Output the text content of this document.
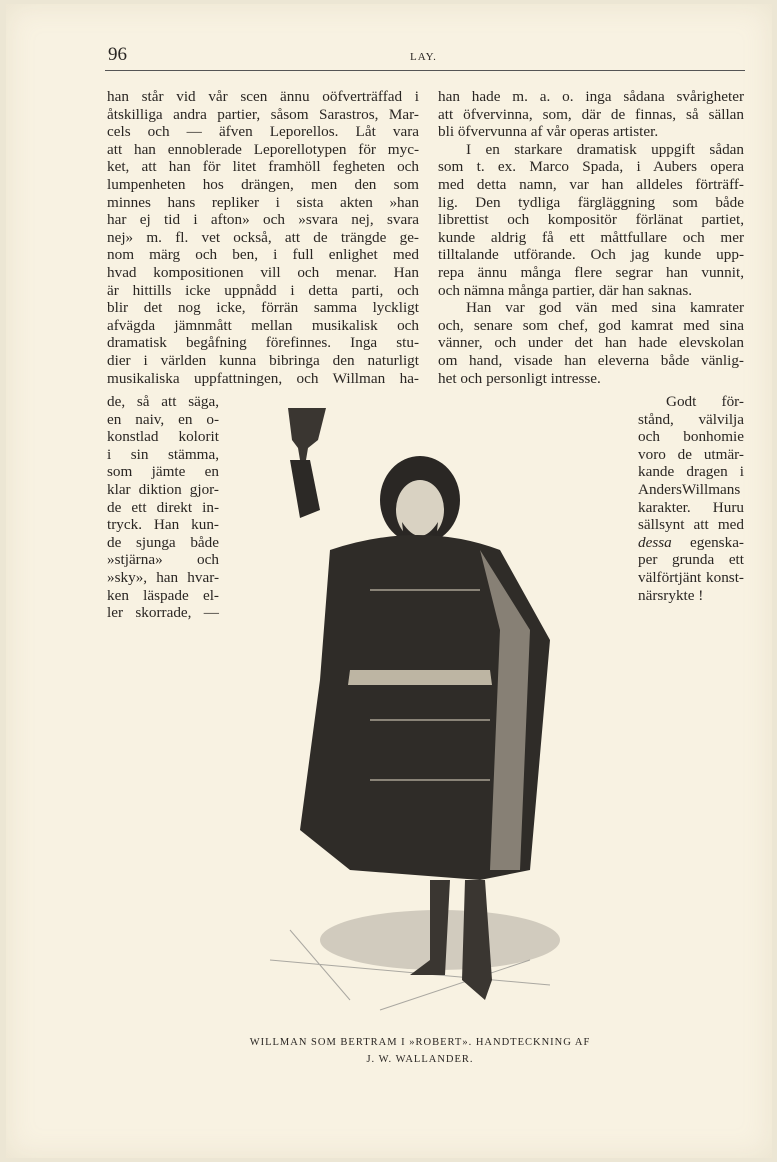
96	LAY.
han står vid vår scen ännu oöfverträffad i
åtskilliga andra partier, såsom Sarastros, Mar-
cels och — äfven Leporellos. Låt vara
att han ennoblerade Leporellotypen för myc-
ket, att han för litet framhöll fegheten och
lumpenheten hos drängen, men den som
minnes hans repliker i sista akten »han
har ej tid i afton» och »svara nej, svara
nej» m. fl. vet också, att de trängde ge-
nom märg och ben, i full enlighet med
hvad kompositionen vill och menar. Han
är hittills icke uppnådd i detta parti, och
blir det nog icke, förrän samma lyckligt
afvägda jämnmått mellan musikalisk och
dramatisk begåfning förefinnes. Inga stu-
dier i världen kunna bibringa den naturligt
musikaliska uppfattningen, och Willman ha-
de, så att säga,
en naiv, en o-
konstlad kolorit
i sin stämma,
som jämte en
klar diktion gjor-
de ett direkt in-
tryck. Han kun-
de sjunga både
»stjärna» och
»sky», han hvar-
ken läspade el-
ler skorrade, —
han hade m. a. o. inga sådana svårigheter
att öfvervinna, som, där de finnas, så sällan
bli öfvervunna af vår operas artister.
I en starkare dramatisk uppgift sådan
som t. ex. Marco Spada, i Aubers opera
med detta namn, var han alldeles förträff-
lig. Den tydliga färgläggning som både
librettist och kompositör förlänat partiet,
kunde aldrig få ett måttfullare och mer
tilltalande utförande. Och jag kunde upp-
repa ännu många flere segrar han vunnit,
och nämna många partier, där han saknas.
Han var god vän med sina kamrater
och, senare som chef, god kamrat med sina
vänner, och under det han hade elevskolan
om hand, visade han eleverna både vänlig-
het och personligt intresse.
Godt för-
stånd, välvilja
och bonhomie
voro de utmär-
kande dragen i
AndersWillmans
karakter. Huru
sällsynt att med
dessa egenska-
per grunda ett
välförtjänt konst-
närsrykte !
WILLMAN SOM BERTRAM I »ROBERT». HANDTECKNING AF
J. W. WALLANDER.
